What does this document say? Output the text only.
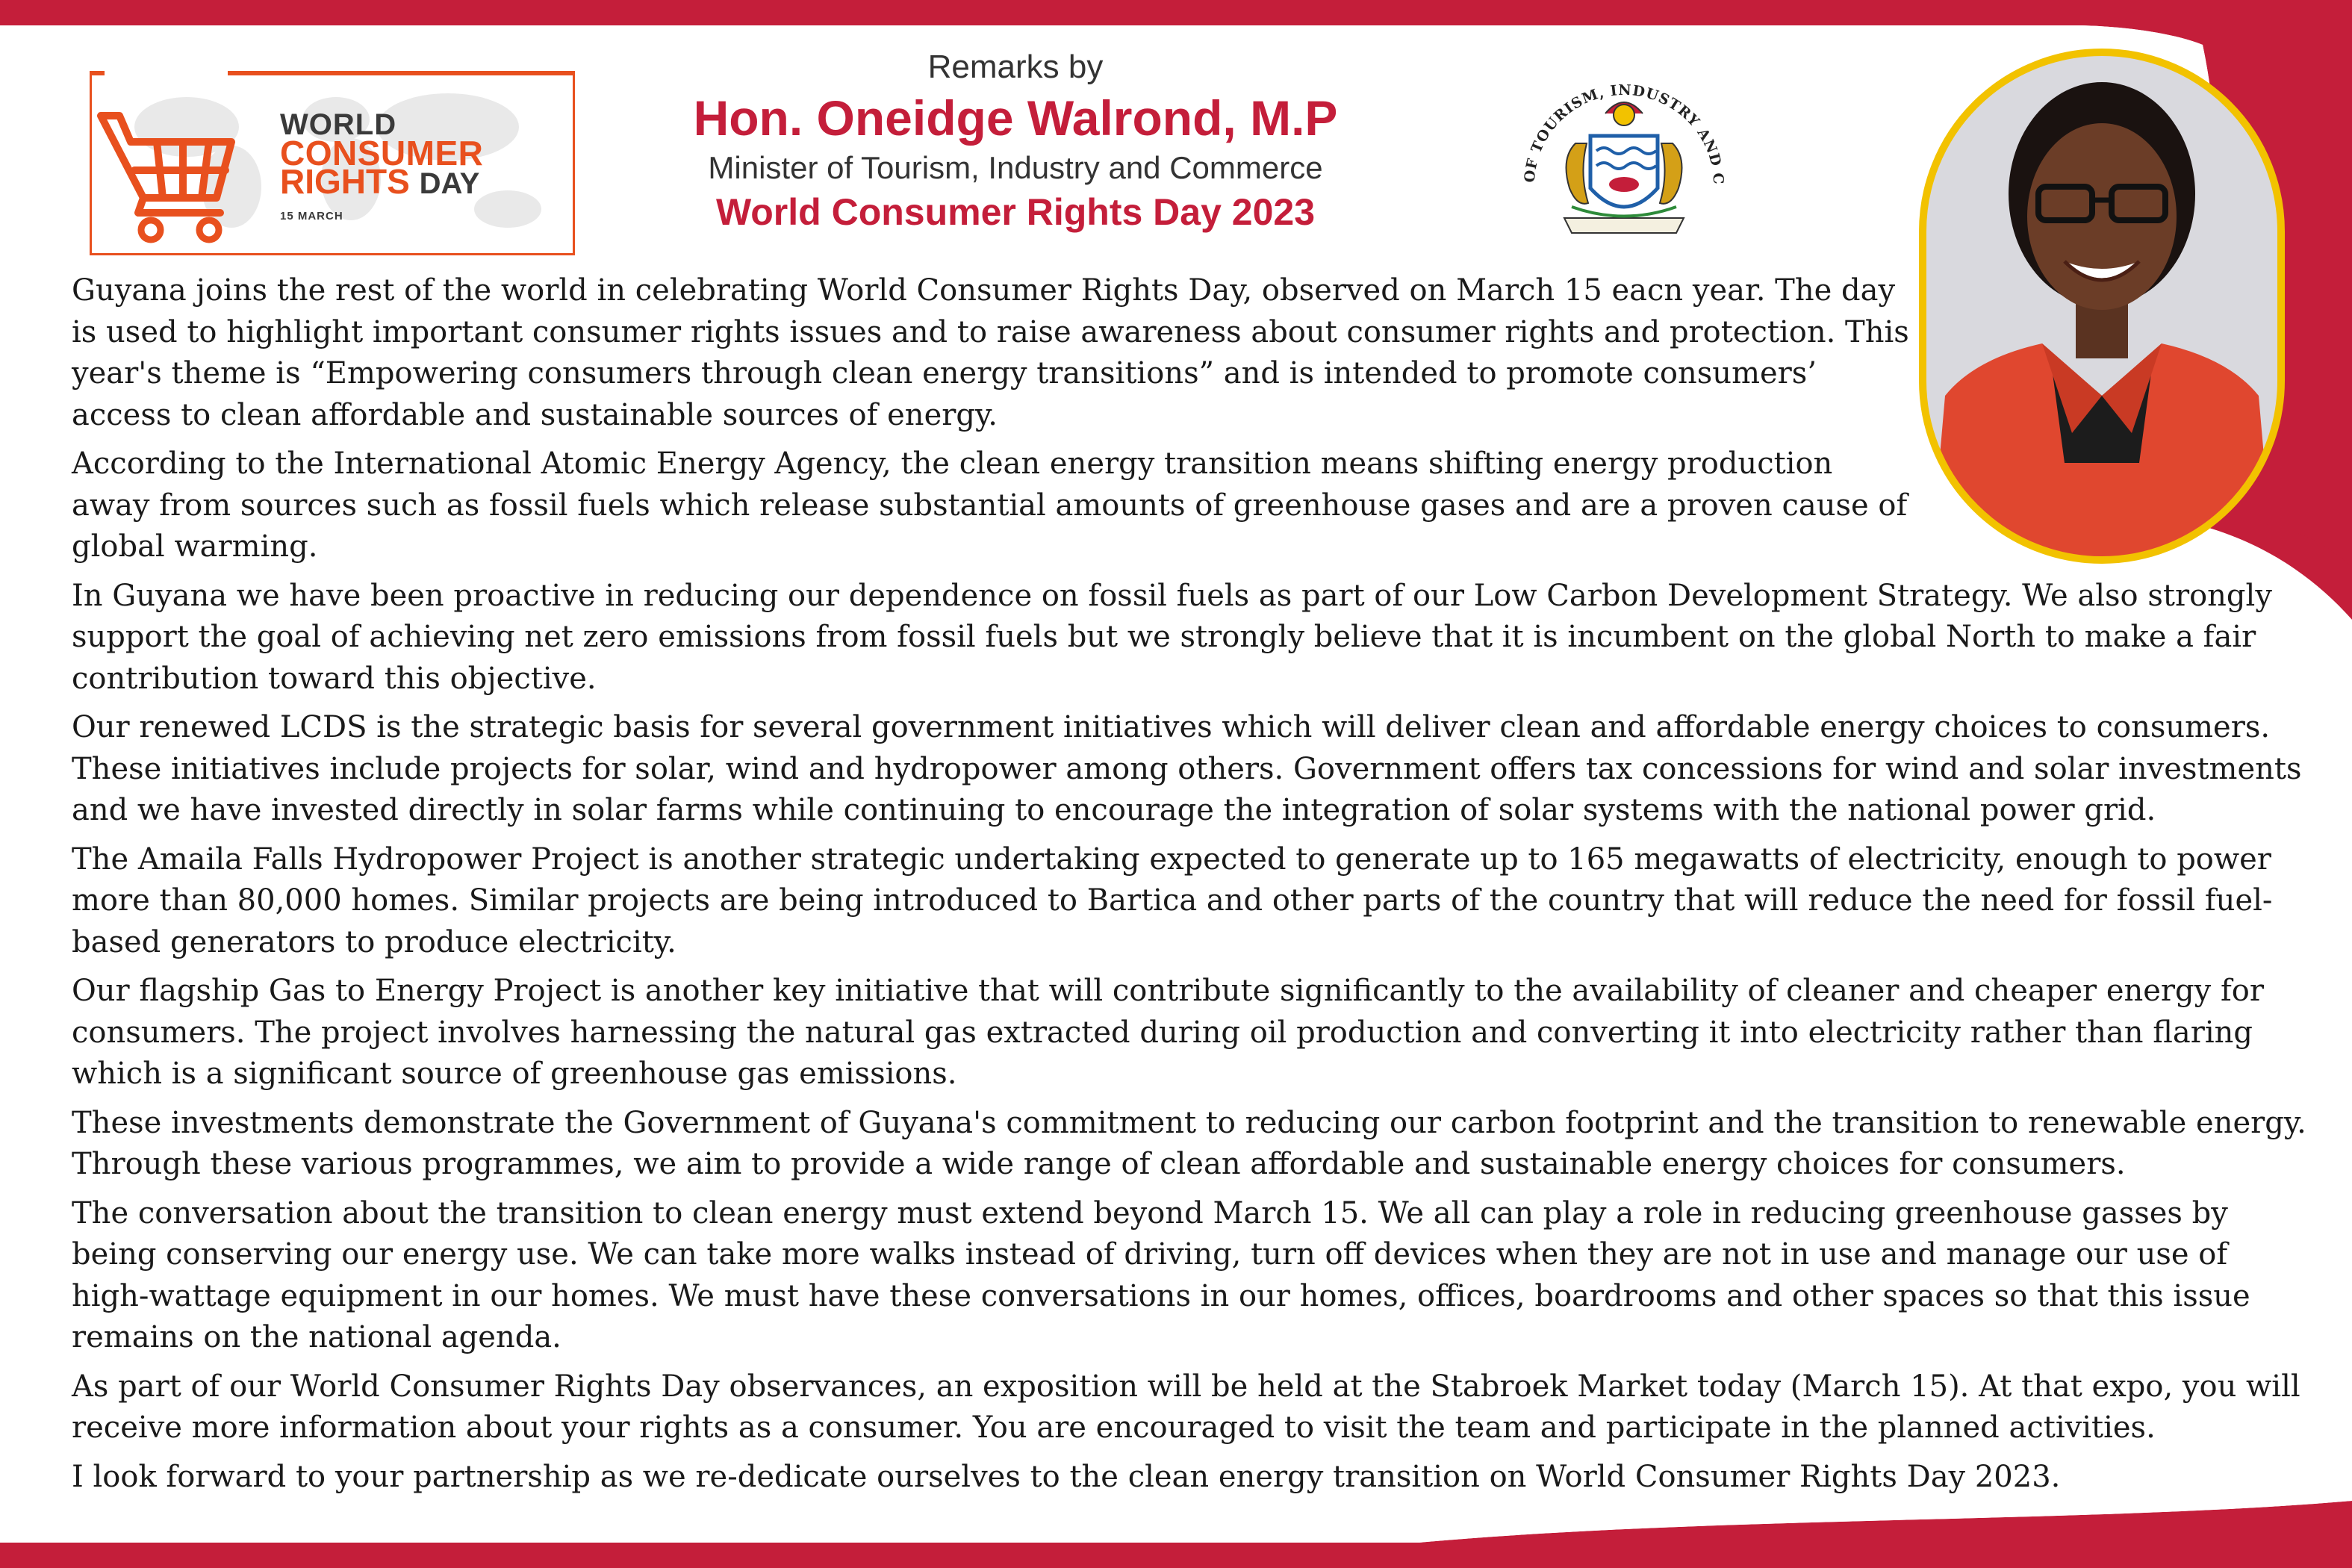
WORLD
CONSUMER
RIGHTS DAY
15 MARCH
Remarks by
Hon. Oneidge Walrond, M.P
Minister of Tourism, Industry and Commerce
World Consumer Rights Day 2023
OF TOURISM, INDUSTRY AND C

Guyana joins the rest of the world in celebrating World Consumer Rights Day, observed on March 15 eacn year. The day is used to highlight important consumer rights issues and to raise awareness about consumer rights and protection. This year's theme is “Empowering consumers through clean energy transitions” and is intended to promote consumers’ access to clean affordable and sustainable sources of energy.

According to the International Atomic Energy Agency, the clean energy transition means shifting energy production away from sources such as fossil fuels which release substantial amounts of greenhouse gases and are a proven cause of global warming.

In Guyana we have been proactive in reducing our dependence on fossil fuels as part of our Low Carbon Development Strategy. We also strongly support the goal of achieving net zero emissions from fossil fuels but we strongly believe that it is incumbent on the global North to make a fair contribution toward this objective.

Our renewed LCDS is the strategic basis for several government initiatives which will deliver clean and affordable energy choices to consumers. These initiatives include projects for solar, wind and hydropower among others. Government offers tax concessions for wind and solar investments and we have invested directly in solar farms while continuing to encourage the integration of solar systems with the national power grid.

The Amaila Falls Hydropower Project is another strategic undertaking expected to generate up to 165 megawatts of electricity, enough to power more than 80,000 homes. Similar projects are being introduced to Bartica and other parts of the country that will reduce the need for fossil fuel-based generators to produce electricity.

Our flagship Gas to Energy Project is another key initiative that will contribute significantly to the availability of cleaner and cheaper energy for consumers. The project involves harnessing the natural gas extracted during oil production and converting it into electricity rather than flaring which is a significant source of greenhouse gas emissions.

These investments demonstrate the Government of Guyana's commitment to reducing our carbon footprint and the transition to renewable energy. Through these various programmes, we aim to provide a wide range of clean affordable and sustainable energy choices for consumers.

The conversation about the transition to clean energy must extend beyond March 15. We all can play a role in reducing greenhouse gasses by being conserving our energy use. We can take more walks instead of driving, turn off devices when they are not in use and manage our use of high-wattage equipment in our homes. We must have these conversations in our homes, offices, boardrooms and other spaces so that this issue remains on the national agenda.

As part of our World Consumer Rights Day observances, an exposition will be held at the Stabroek Market today (March 15). At that expo, you will receive more information about your rights as a consumer. You are encouraged to visit the team and participate in the planned activities.

I look forward to your partnership as we re-dedicate ourselves to the clean energy transition on World Consumer Rights Day 2023.
